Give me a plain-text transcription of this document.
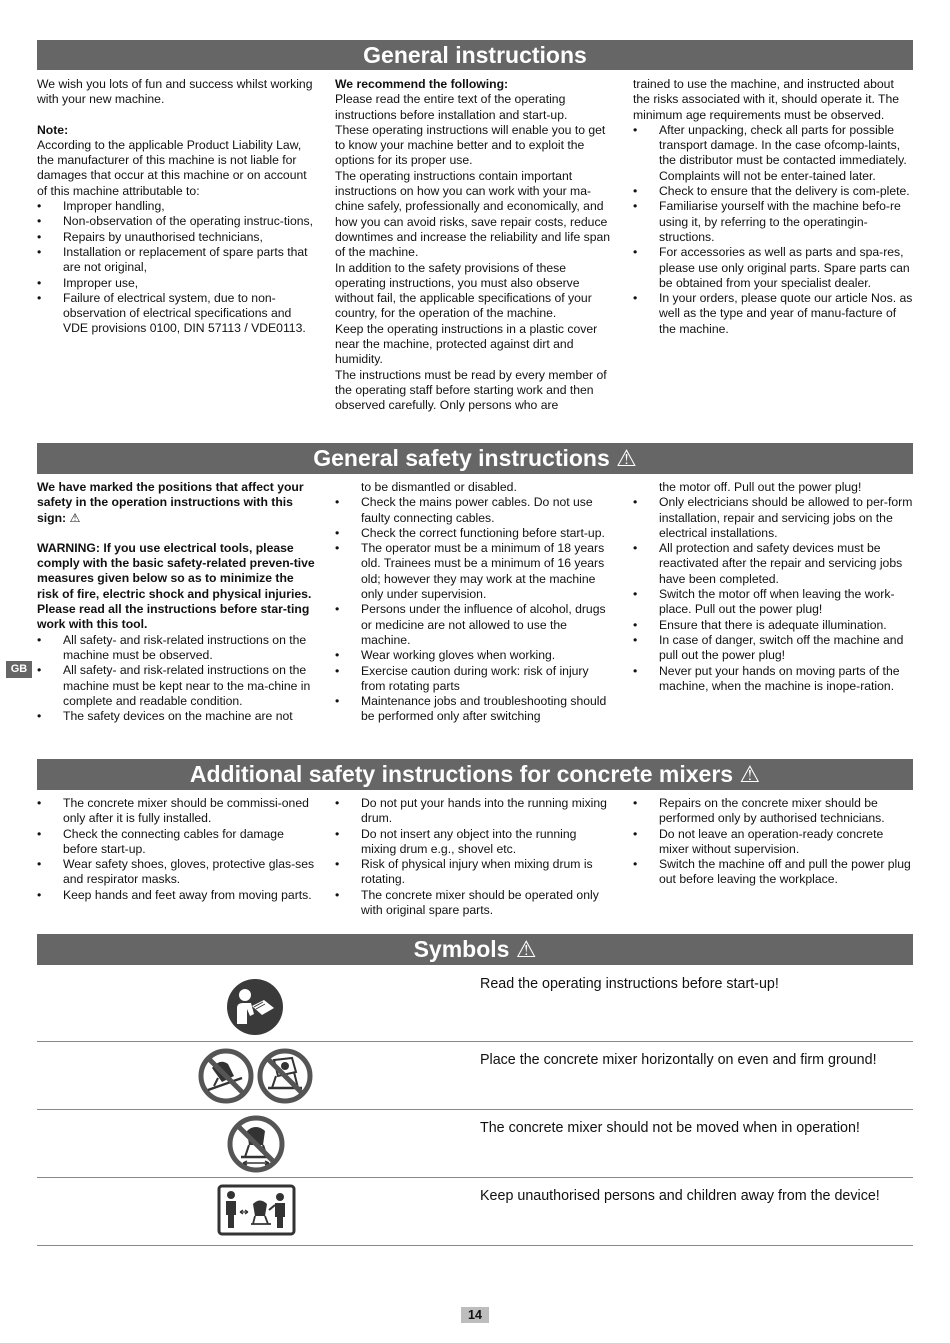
General instructions

We wish you lots of fun and success whilst working with your new machine.

Note:

According to the applicable Product Liability Law, the manufacturer of this machine is not liable for damages that occur at this machine or on account of this machine attributable to:

•	Improper handling,
•	Non-observation of the operating instruc-tions,
•	Repairs by unauthorised technicians,
•	Installation or replacement of spare parts that are not original,
•	Improper use,
•	Failure of electrical system, due to non-observation of electrical specifications and VDE provisions 0100, DIN 57113 / VDE0113.

We recommend the following:

Please read the entire text of the operating instructions before installation and start-up.

These operating instructions will enable you to get to know your machine better and to exploit the options for its proper use.

The operating instructions contain important instructions on how you can work with your ma-chine safely, professionally and economically, and how you can avoid risks, save repair costs, reduce downtimes and increase the reliability and life span of the machine.

In addition to the safety provisions of these operating instructions, you must also observe without fail, the applicable specifications of your country, for the operation of the machine.

Keep the operating instructions in a plastic cover near the machine, protected against dirt and humidity.

The instructions must be read by every member of the operating staff before starting work and then observed carefully. Only persons who are

trained to use the machine, and instructed about the risks associated with it, should operate it. The minimum age requirements must be observed.

•	After unpacking, check all parts for possible transport damage. In the case ofcomp-laints, the distributor must be contacted immediately. Complaints will not be enter-tained later.
•	Check to ensure that the delivery is com-plete.
•	Familiarise yourself with the machine befo-re using it, by referring to the operatingin-structions.
•	For accessories as well as parts and spa-res, please use only original parts. Spare parts can be obtained from your specialist dealer.
•	In your orders, please quote our article Nos. as well as the type and year of manu-facture of the machine.
General safety instructions ⚠

We have marked the positions that affect your safety in the operation instructions with this sign: ⚠

WARNING: If you use electrical tools, please comply with the basic safety-related preven-tive measures given below so as to minimize the risk of fire, electric shock and physical injuries.

Please read all the instructions before star-ting work with this tool.

•	All safety- and risk-related instructions on the machine must be observed.
•	All safety- and risk-related instructions on the machine must be kept near to the ma-chine in complete and readable condition.
•	The safety devices on the machine are not
to be dismantled or disabled.
•	Check the mains power cables. Do not use faulty connecting cables.
•	Check the correct functioning before start-up.
•	The operator must be a minimum of 18 years old. Trainees must be a minimum of 16 years old; however they may work at the machine only under supervision.
•	Persons under the influence of alcohol, drugs or medicine are not allowed to use the machine.
•	Wear working gloves when working.
•	Exercise caution during work: risk of injury from rotating parts
•	Maintenance jobs and troubleshooting should be performed only after switching
the motor off. Pull out the power plug!
•	Only electricians should be allowed to per-form installation, repair and servicing jobs on the electrical installations.
•	All protection and safety devices must be reactivated after the repair and servicing jobs have been completed.
•	Switch the motor off when leaving the work-place. Pull out the power plug!
•	Ensure that there is adequate illumination.
•	In case of danger, switch off the machine and pull out the power plug!
•	Never put your hands on moving parts of the machine, when the machine is inope-ration.
GB
Additional safety instructions for concrete mixers ⚠
•	The concrete mixer should be commissi-oned only after it is fully installed.
•	Check the connecting cables for damage before start-up.
•	Wear safety shoes, gloves, protective glas-ses and respirator masks.
•	Keep hands and feet away from moving parts.
•	Do not put your hands into the running mixing drum.
•	Do not insert any object into the running mixing drum e.g., shovel etc.
•	Risk of physical injury when mixing drum is rotating.
•	The concrete mixer should be operated only with original spare parts.
•	Repairs on the concrete mixer should be performed only by authorised technicians.
•	Do not leave an operation-ready concrete mixer without supervision.
•	Switch the machine off and pull the power plug out before leaving the workplace.
Symbols ⚠
Read the operating instructions before start-up!
Place the concrete mixer horizontally on even and firm ground!
The concrete mixer should not be moved when in operation!
Keep unauthorised persons and children away from the device!
14
